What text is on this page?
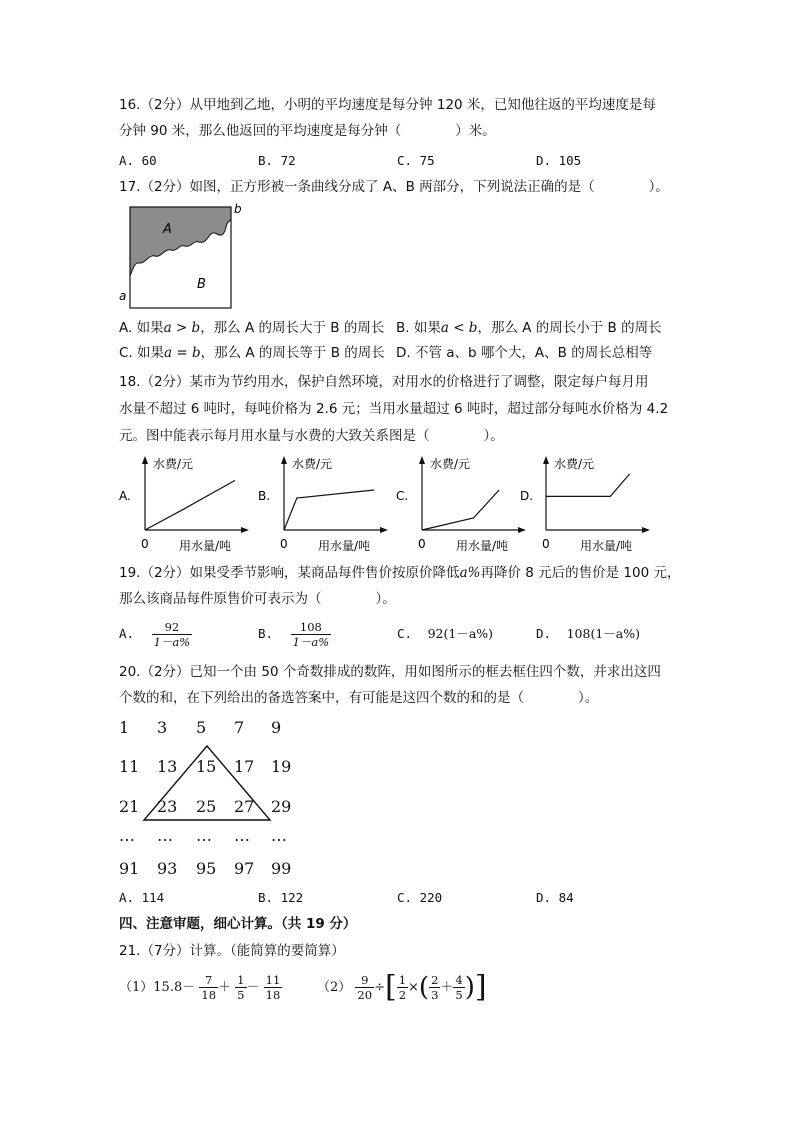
16.（2分）从甲地到乙地，小明的平均速度是每分钟 120 米，已知他往返的平均速度是每
分钟 90 米，那么他返回的平均速度是每分钟（　　　　）米。
A. 60	B. 72	C. 75	D. 105
17.（2分）如图，正方形被一条曲线分成了 A、B 两部分，下列说法正确的是（　　　　）。
A
B
a
b
A. 如果a > b，那么 A 的周长大于 B 的周长 B. 如果a < b，那么 A 的周长小于 B 的周长
C. 如果a = b，那么 A 的周长等于 B 的周长 D. 不管 a、b 哪个大，A、B 的周长总相等
18.（2分）某市为节约用水，保护自然环境，对用水的价格进行了调整，限定每户每月用
水量不超过 6 吨时，每吨价格为 2.6 元；当用水量超过 6 吨时，超过部分每吨水价格为 4.2
元。图中能表示每月用水量与水费的大致关系图是（　　　　）。
水费/元
用水量/吨
0
A.
水费/元
用水量/吨
0
B.
水费/元
用水量/吨
0
C.
水费/元
用水量/吨
0
D.
19.（2分）如果受季节影响，某商品每件售价按原价降低a%再降价 8 元后的售价是 100 元，
那么该商品每件原售价可表示为（　　　　）。
A. $\frac{92}{1-a\%}$	B. $\frac{108}{1-a\%}$	C. 92(1－a%)	D. 108(1－a%)
20.（2分）已知一个由 50 个奇数排成的数阵，用如图所示的框去框住四个数，并求出这四
个数的和，在下列给出的备选答案中，有可能是这四个数的和的是（　　　　）。
1 3 5 7 9
11 13 15 17 19
21 23 25 27 29
… … … … …
91 93 95 97 99
A. 114	B. 122	C. 220	D. 84
四、注意审题，细心计算。（共 19 分）
21.（7分）计算。（能简算的要简算）
$(1)15.8- \frac{7}{18} + \frac{1}{5} - \frac{11}{18}$	$(2) \frac{9}{20}$ ÷[ $\frac{1}{2}$ ×( $\frac{2}{3} + \frac{4}{5}$ )]
